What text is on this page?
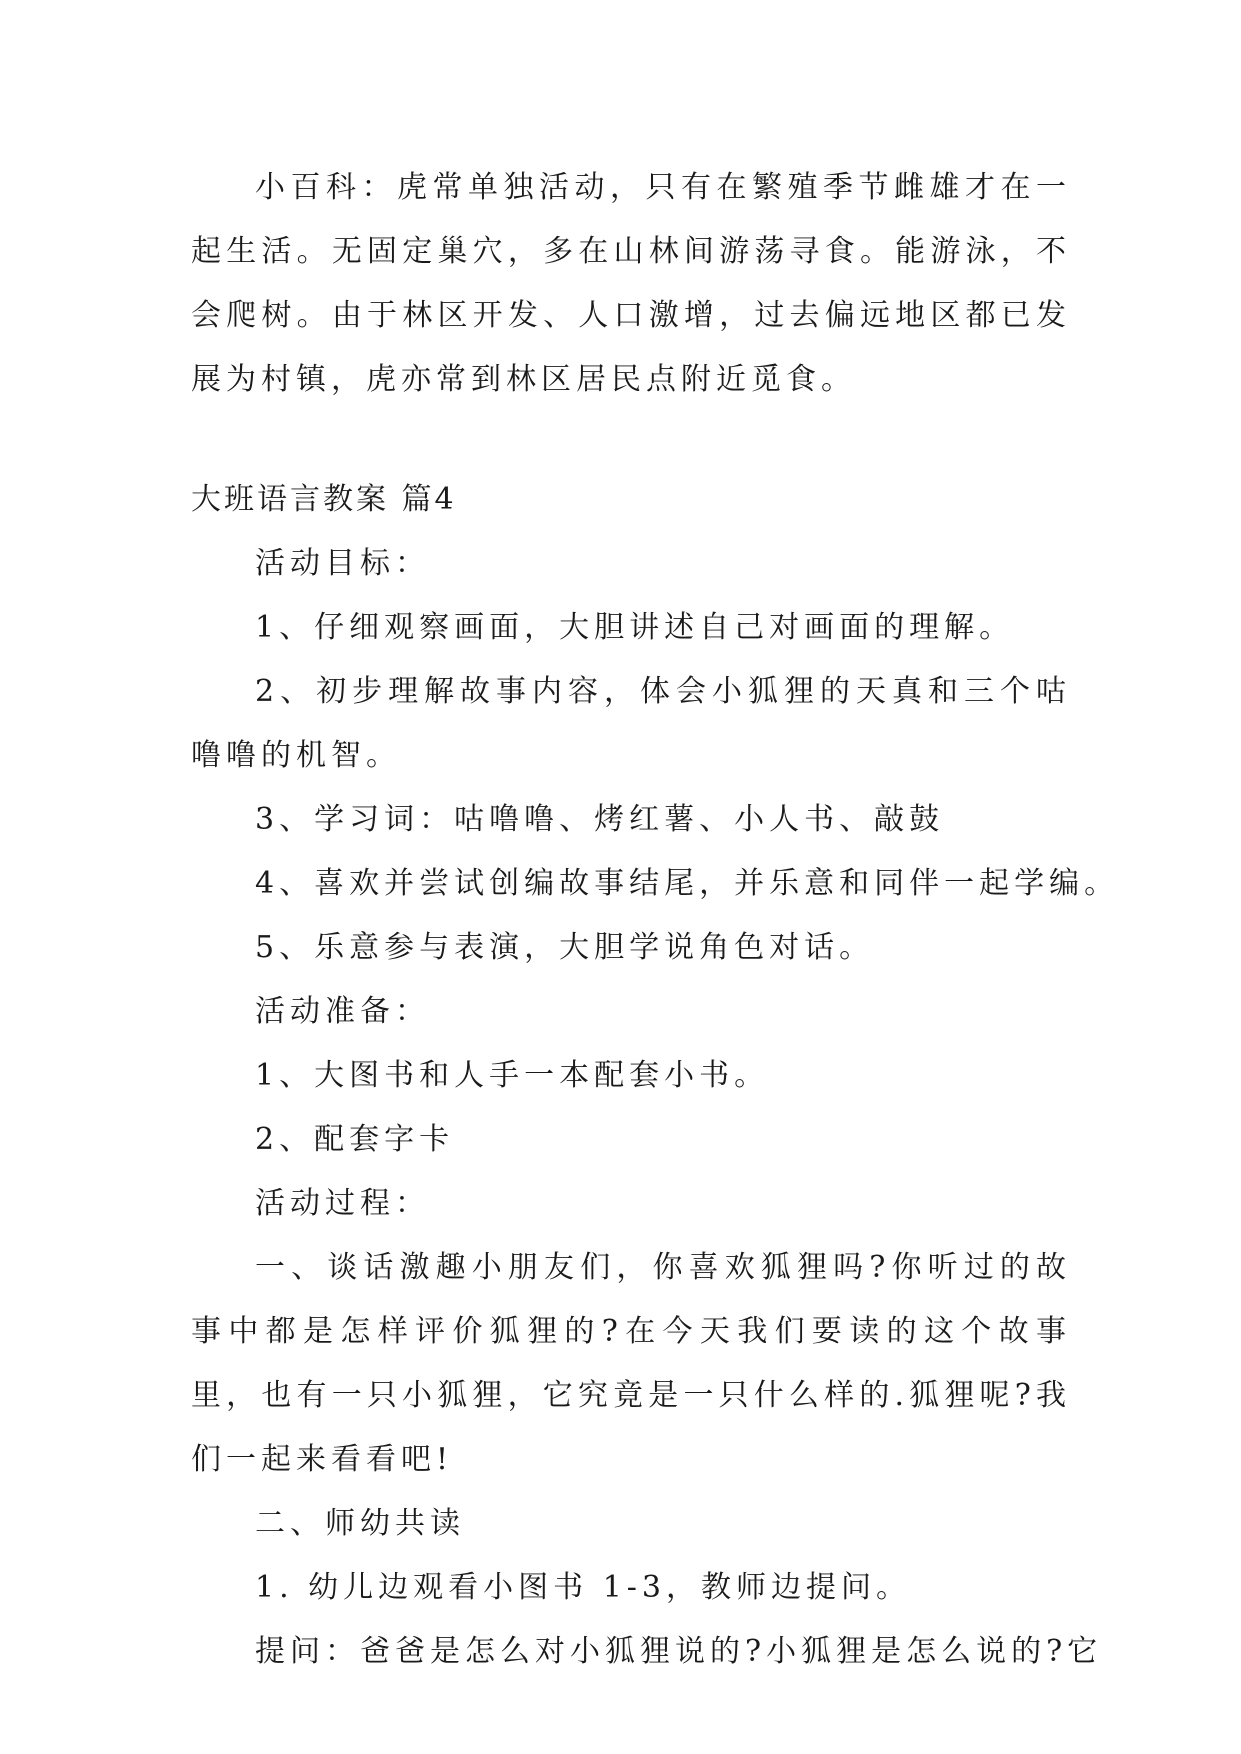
小百科：虎常单独活动，只有在繁殖季节雌雄才在一起生活。无固定巢穴，多在山林间游荡寻食。能游泳，不会爬树。由于林区开发、人口激增，过去偏远地区都已发展为村镇，虎亦常到林区居民点附近觅食。

大班语言教案 篇4

活动目标：

1、仔细观察画面，大胆讲述自己对画面的理解。

2、初步理解故事内容，体会小狐狸的天真和三个咕噜噜的机智。

3、学习词：咕噜噜、烤红薯、小人书、敲鼓

4、喜欢并尝试创编故事结尾，并乐意和同伴一起学编。

5、乐意参与表演，大胆学说角色对话。

活动准备：

1、大图书和人手一本配套小书。

2、配套字卡

活动过程：

一、谈话激趣小朋友们，你喜欢狐狸吗?你听过的故事中都是怎样评价狐狸的?在今天我们要读的这个故事里，也有一只小狐狸，它究竟是一只什么样的.狐狸呢?我们一起来看看吧!

二、师幼共读

1. 幼儿边观看小图书 1-3，教师边提问。

提问：爸爸是怎么对小狐狸说的?小狐狸是怎么说的?它
